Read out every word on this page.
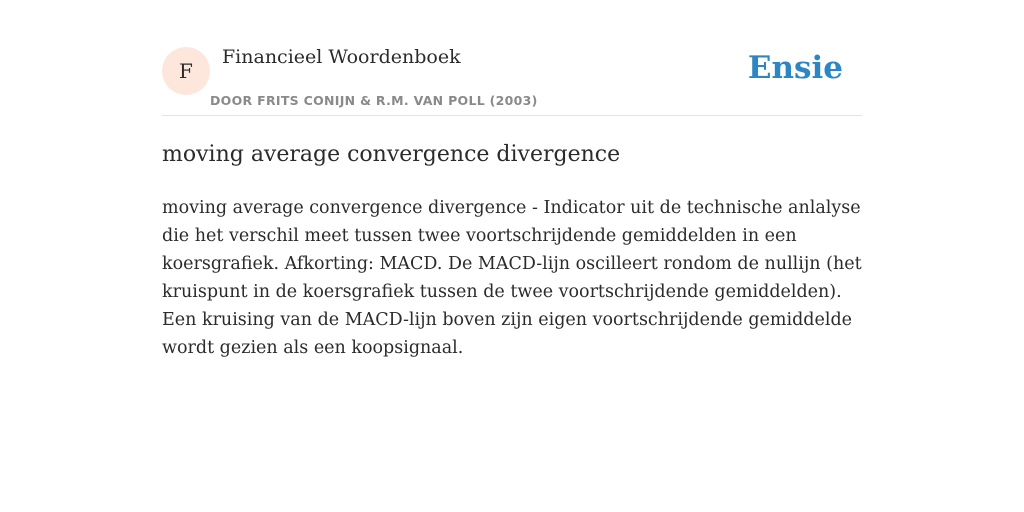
F
Financieel Woordenboek
DOOR FRITS CONIJN & R.M. VAN POLL (2003)
Ensie
moving average convergence divergence

moving average convergence divergence - Indicator uit de technische anlalyse die het verschil meet tussen twee voortschrijdende gemiddelden in een koersgrafiek. Afkorting: MACD. De MACD-lijn oscilleert rondom de nullijn (het kruispunt in de koersgrafiek tussen de twee voortschrijdende gemiddelden). Een kruising van de MACD-lijn boven zijn eigen voortschrijdende gemiddelde wordt gezien als een koopsignaal.
